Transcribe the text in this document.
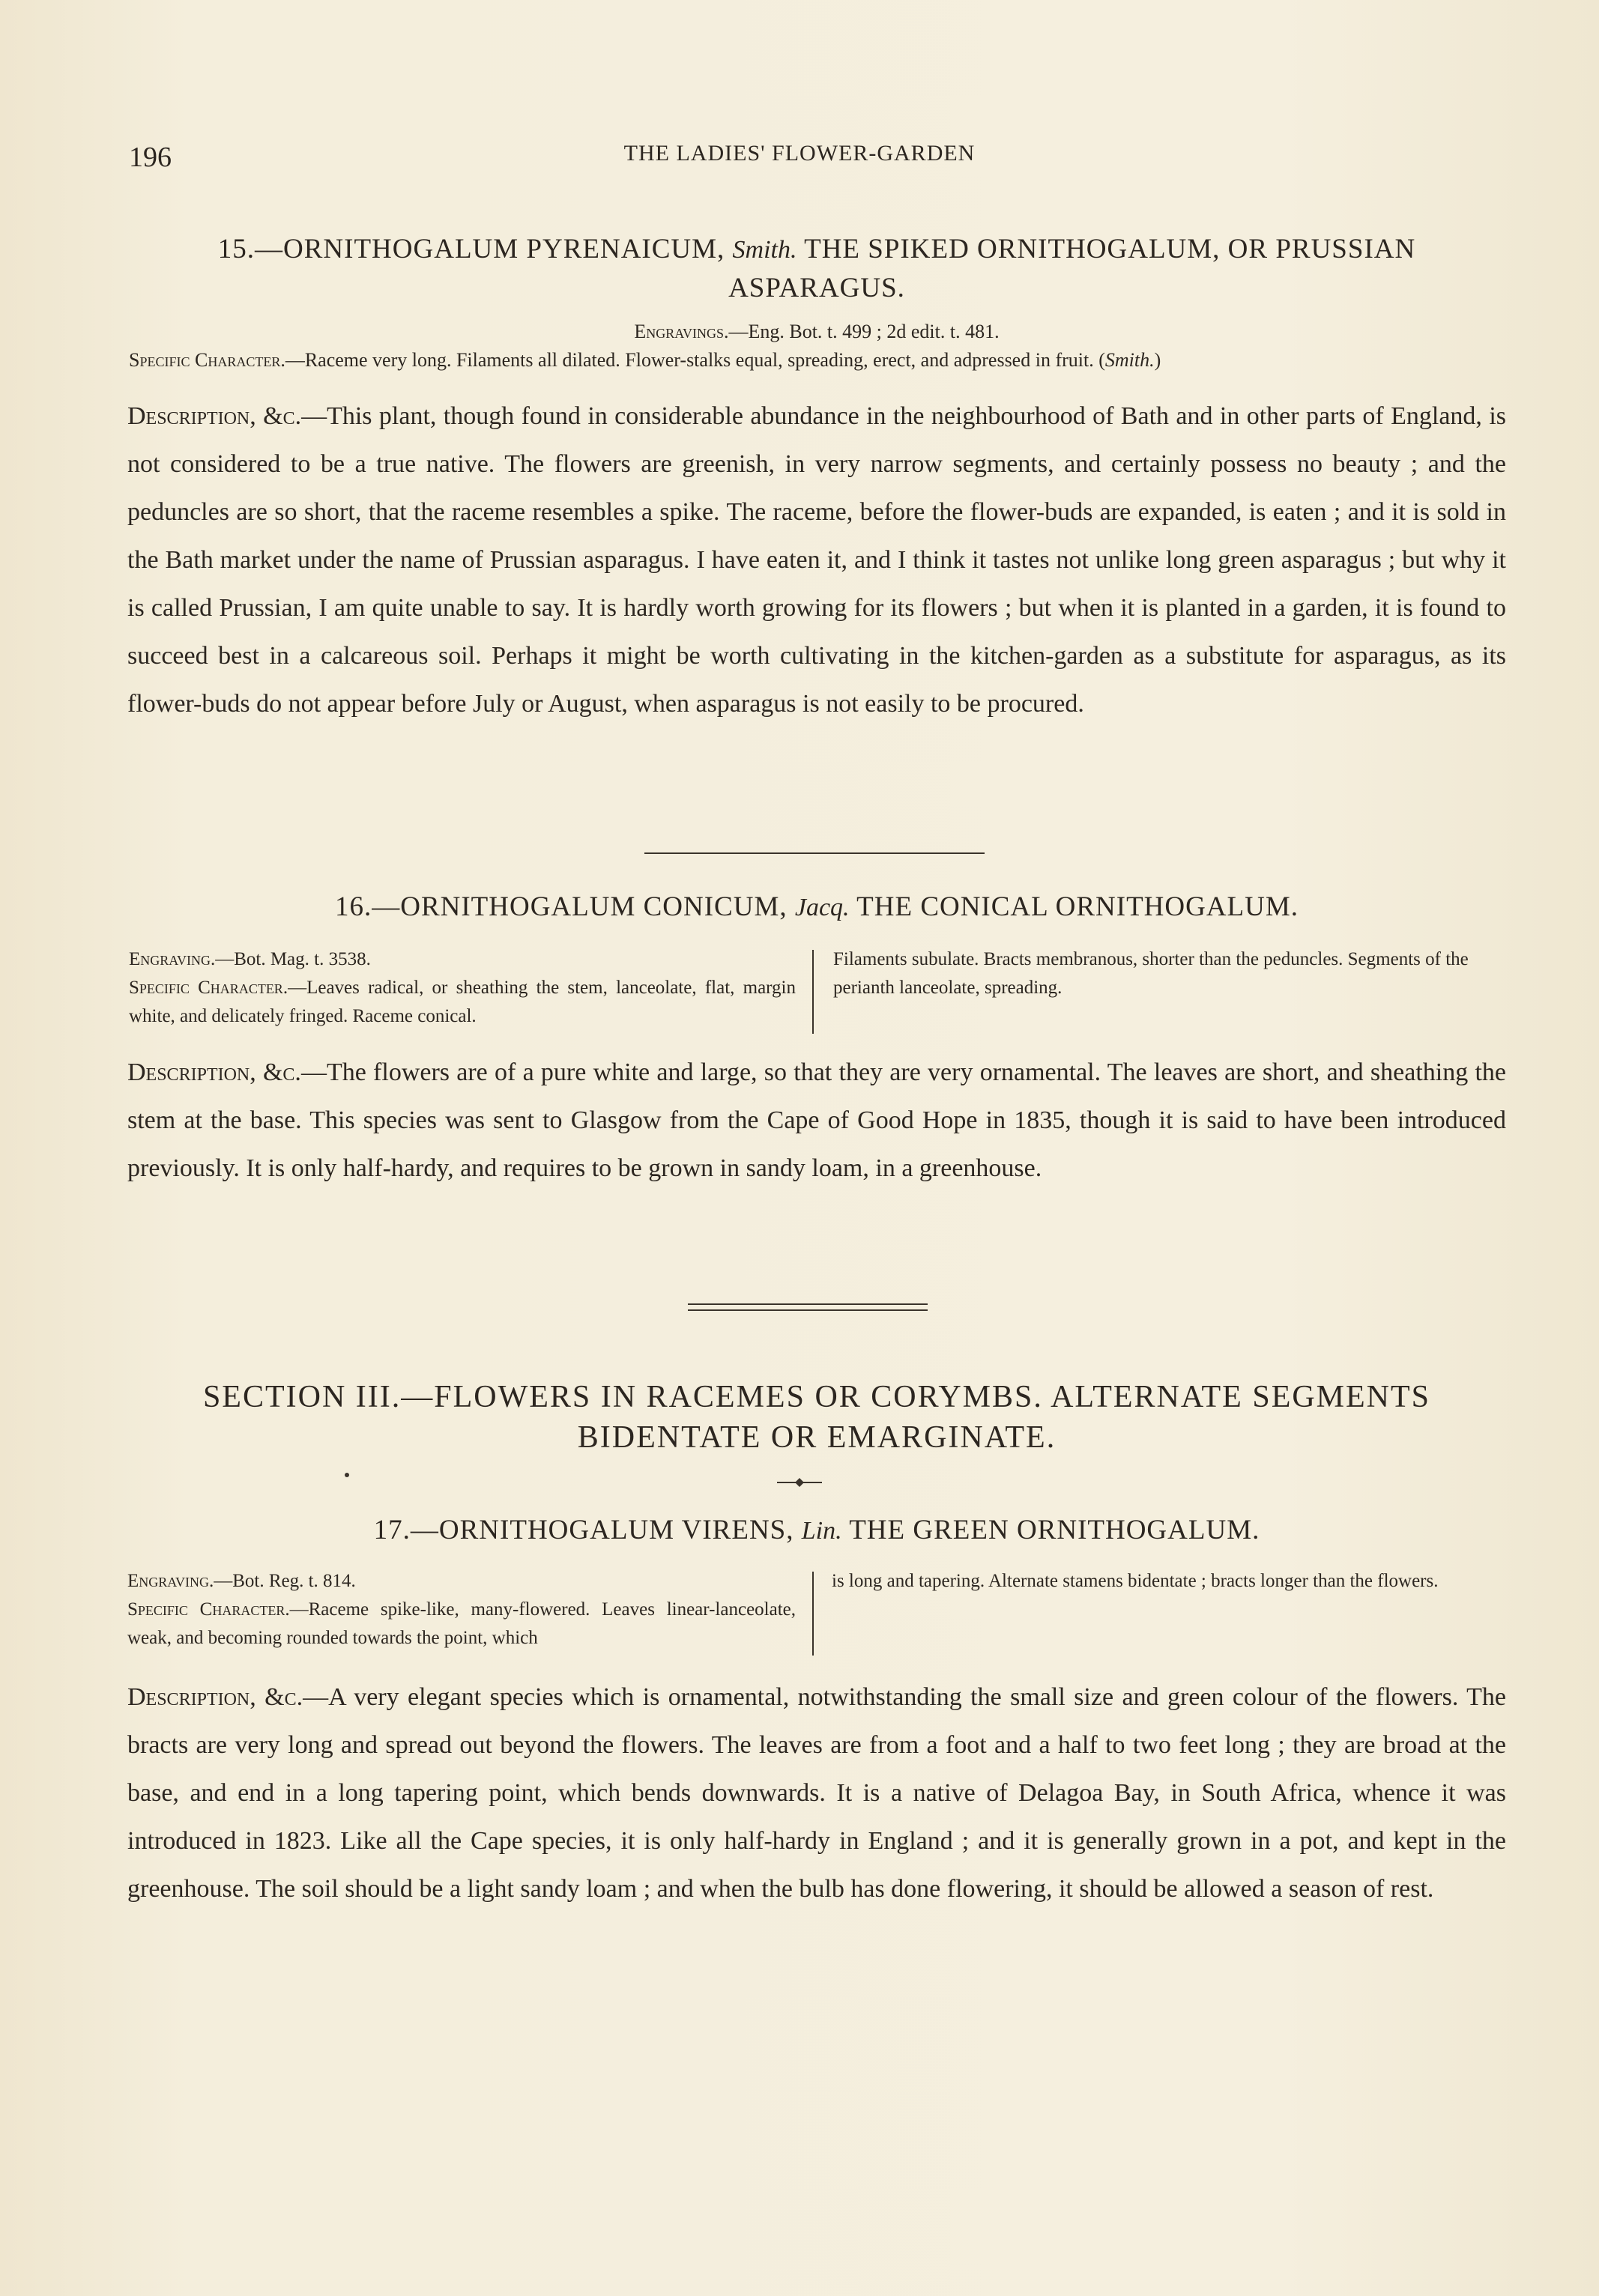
196	THE LADIES' FLOWER-GARDEN
15.—ORNITHOGALUM PYRENAICUM, Smith. THE SPIKED ORNITHOGALUM, OR PRUSSIAN
ASPARAGUS.
Engravings.—Eng. Bot. t. 499 ; 2d edit. t. 481.
Specific Character.—Raceme very long. Filaments all dilated. Flower-stalks equal, spreading, erect, and adpressed in fruit. (Smith.)
Description, &c.—This plant, though found in considerable abundance in the neighbourhood of Bath and in other parts of England, is not considered to be a true native. The flowers are greenish, in very narrow segments, and certainly possess no beauty ; and the peduncles are so short, that the raceme resembles a spike. The raceme, before the flower-buds are expanded, is eaten ; and it is sold in the Bath market under the name of Prussian asparagus. I have eaten it, and I think it tastes not unlike long green asparagus ; but why it is called Prussian, I am quite unable to say. It is hardly worth growing for its flowers ; but when it is planted in a garden, it is found to succeed best in a calcareous soil. Perhaps it might be worth cultivating in the kitchen-garden as a substitute for asparagus, as its flower-buds do not appear before July or August, when asparagus is not easily to be procured.
16.—ORNITHOGALUM CONICUM, Jacq. THE CONICAL ORNITHOGALUM.
Engraving.—Bot. Mag. t. 3538.
Specific Character.—Leaves radical, or sheathing the stem, lanceolate, flat, margin white, and delicately fringed. Raceme conical.
Filaments subulate. Bracts membranous, shorter than the peduncles. Segments of the perianth lanceolate, spreading.
Description, &c.—The flowers are of a pure white and large, so that they are very ornamental. The leaves are short, and sheathing the stem at the base. This species was sent to Glasgow from the Cape of Good Hope in 1835, though it is said to have been introduced previously. It is only half-hardy, and requires to be grown in sandy loam, in a greenhouse.
SECTION III.—FLOWERS IN RACEMES OR CORYMBS. ALTERNATE SEGMENTS
BIDENTATE OR EMARGINATE.
17.—ORNITHOGALUM VIRENS, Lin. THE GREEN ORNITHOGALUM.
Engraving.—Bot. Reg. t. 814.
Specific Character.—Raceme spike-like, many-flowered. Leaves linear-lanceolate, weak, and becoming rounded towards the point, which
is long and tapering. Alternate stamens bidentate ; bracts longer than the flowers.
Description, &c.—A very elegant species which is ornamental, notwithstanding the small size and green colour of the flowers. The bracts are very long and spread out beyond the flowers. The leaves are from a foot and a half to two feet long ; they are broad at the base, and end in a long tapering point, which bends downwards. It is a native of Delagoa Bay, in South Africa, whence it was introduced in 1823. Like all the Cape species, it is only half-hardy in England ; and it is generally grown in a pot, and kept in the greenhouse. The soil should be a light sandy loam ; and when the bulb has done flowering, it should be allowed a season of rest.
